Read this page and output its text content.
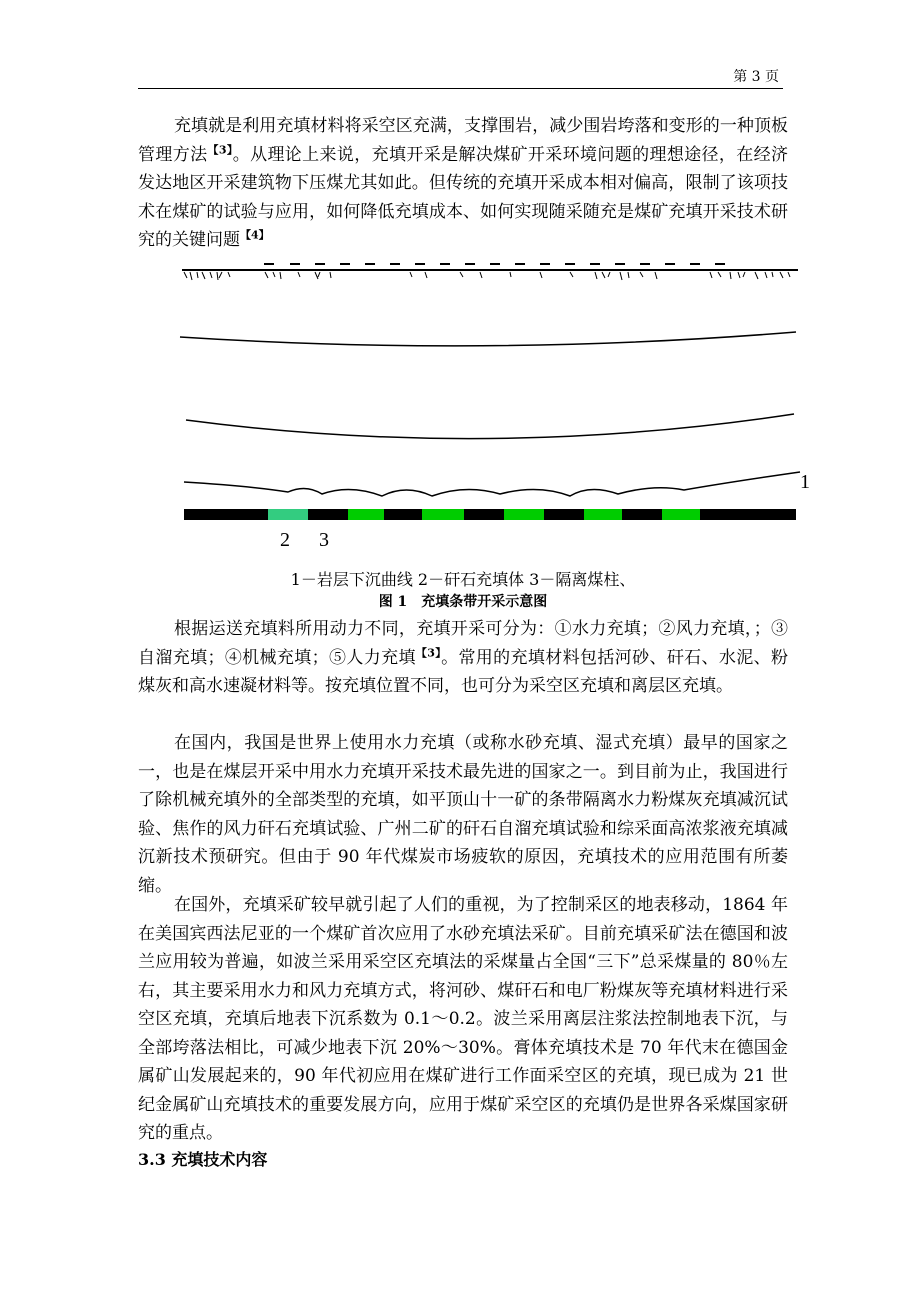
第 3 页

充填就是利用充填材料将采空区充满，支撑围岩，减少围岩垮落和变形的一种顶板管理方法$^{【3】}$。从理论上来说，充填开采是解决煤矿开采环境问题的理想途径，在经济发达地区开采建筑物下压煤尤其如此。但传统的充填开采成本相对偏高，限制了该项技术在煤矿的试验与应用，如何降低充填成本、如何实现随采随充是煤矿充填开采技术研究的关键问题$^{【4】}$

1
2 3
1－岩层下沉曲线 2－矸石充填体 3－隔离煤柱、
图 1　充填条带开采示意图

根据运送充填料所用动力不同，充填开采可分为：①水力充填；②风力充填，；③自溜充填；④机械充填；⑤人力充填$^{【3】}$。常用的充填材料包括河砂、矸石、水泥、粉煤灰和高水速凝材料等。按充填位置不同，也可分为采空区充填和离层区充填。

在国内，我国是世界上使用水力充填（或称水砂充填、湿式充填）最早的国家之一，也是在煤层开采中用水力充填开采技术最先进的国家之一。到目前为止，我国进行了除机械充填外的全部类型的充填，如平顶山十一矿的条带隔离水力粉煤灰充填减沉试验、焦作的风力矸石充填试验、广州二矿的矸石自溜充填试验和综采面高浓浆液充填减沉新技术预研究。但由于 90 年代煤炭市场疲软的原因，充填技术的应用范围有所萎缩。

在国外，充填采矿较早就引起了人们的重视，为了控制采区的地表移动，1864 年在美国宾西法尼亚的一个煤矿首次应用了水砂充填法采矿。目前充填采矿法在德国和波兰应用较为普遍，如波兰采用采空区充填法的采煤量占全国“三下”总采煤量的 80％左右，其主要采用水力和风力充填方式，将河砂、煤矸石和电厂粉煤灰等充填材料进行采空区充填，充填后地表下沉系数为 0.1～0.2。波兰采用离层注浆法控制地表下沉，与全部垮落法相比，可减少地表下沉 20%～30%。膏体充填技术是 70 年代末在德国金属矿山发展起来的，90 年代初应用在煤矿进行工作面采空区的充填，现已成为 21 世纪金属矿山充填技术的重要发展方向，应用于煤矿采空区的充填仍是世界各采煤国家研究的重点。

3.3 充填技术内容
